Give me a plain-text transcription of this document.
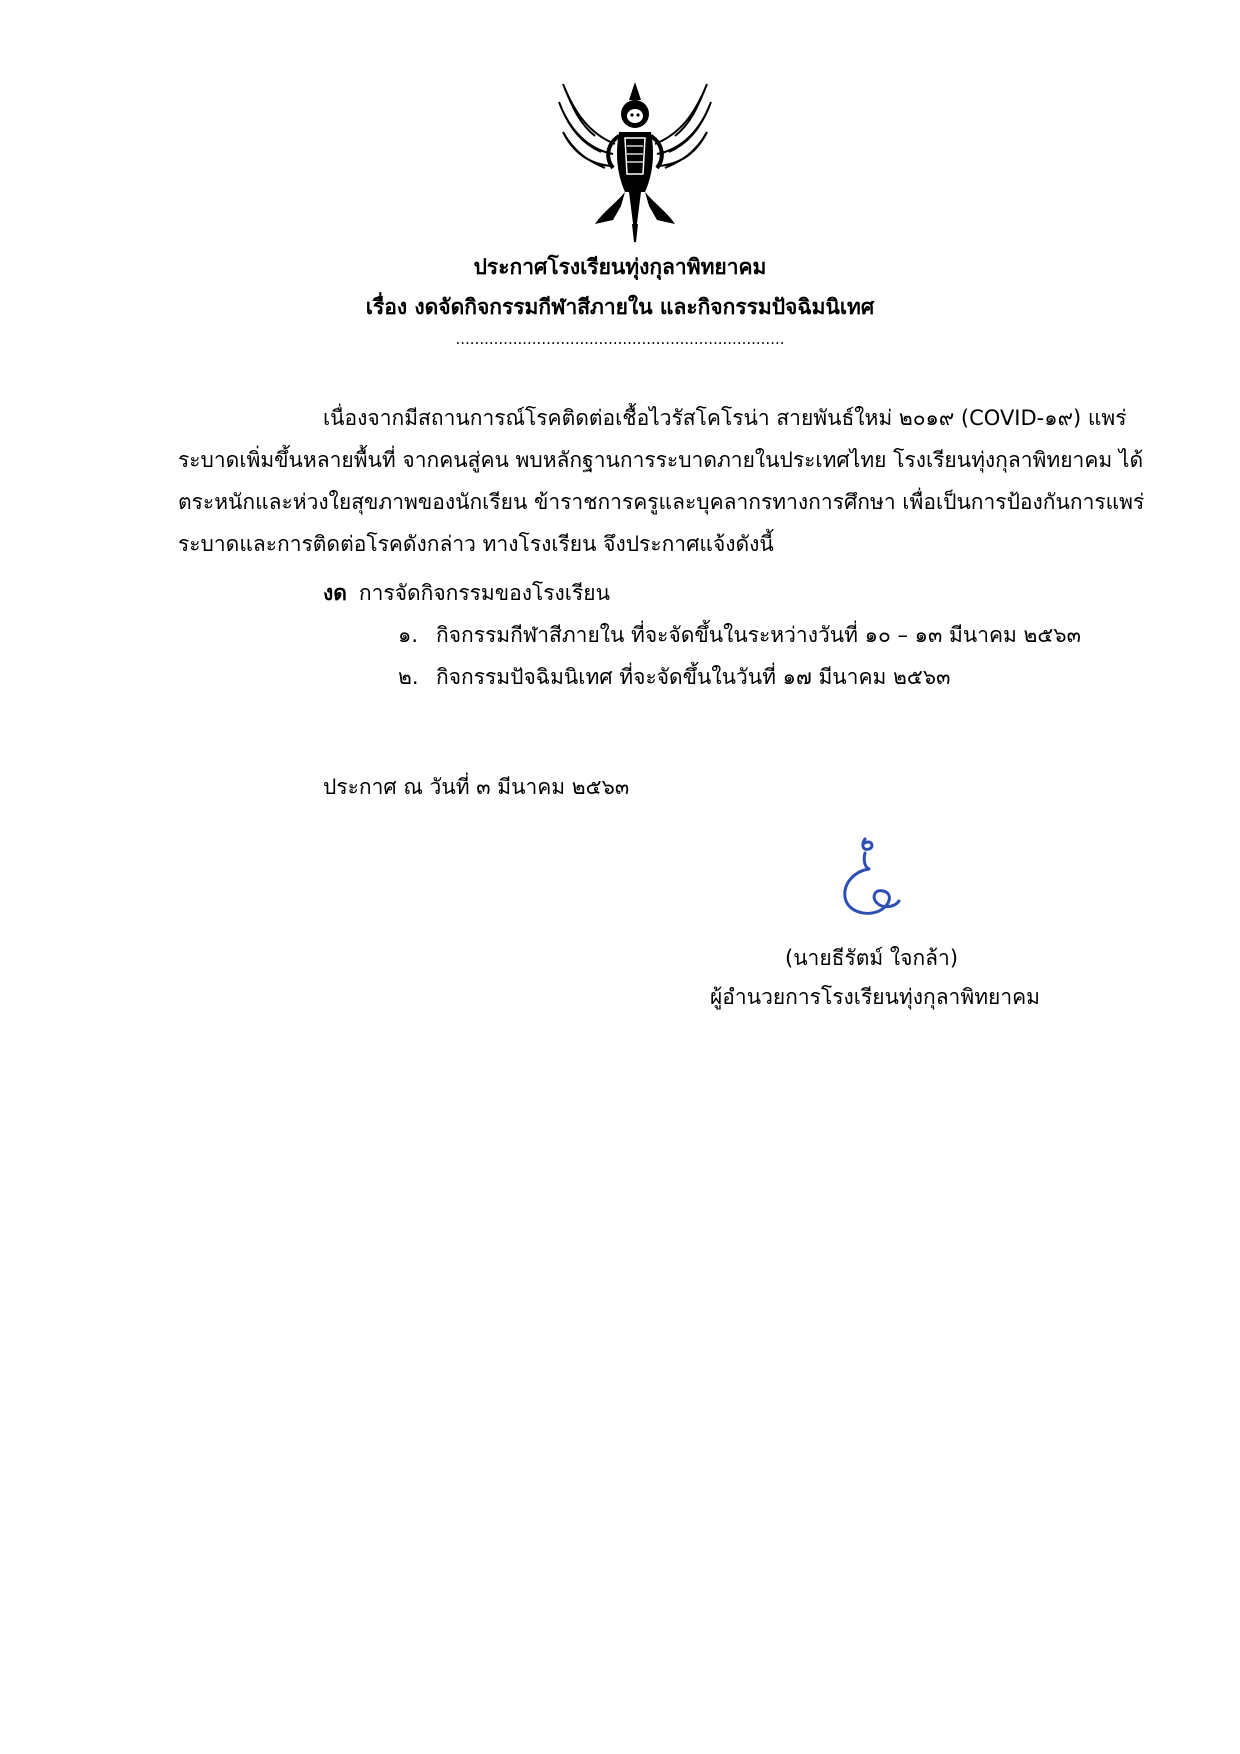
ประกาศโรงเรียนทุ่งกุลาพิทยาคม
เรื่อง งดจัดกิจกรรมกีฬาสีภายใน และกิจกรรมปัจฉิมนิเทศ
.....................................................................
เนื่องจากมีสถานการณ์โรคติดต่อเชื้อไวรัสโคโรน่า สายพันธ์ใหม่ ๒๐๑๙ (COVID-๑๙) แพร่
ระบาดเพิ่มขึ้นหลายพื้นที่ จากคนสู่คน พบหลักฐานการระบาดภายในประเทศไทย โรงเรียนทุ่งกุลาพิทยาคม ได้
ตระหนักและห่วงใยสุขภาพของนักเรียน ข้าราชการครูและบุคลากรทางการศึกษา เพื่อเป็นการป้องกันการแพร่
ระบาดและการติดต่อโรคดังกล่าว ทางโรงเรียน จึงประกาศแจ้งดังนี้
งด การจัดกิจกรรมของโรงเรียน
๑. กิจกรรมกีฬาสีภายใน ที่จะจัดขึ้นในระหว่างวันที่ ๑๐ – ๑๓ มีนาคม ๒๕๖๓
๒. กิจกรรมปัจฉิมนิเทศ ที่จะจัดขึ้นในวันที่ ๑๗ มีนาคม ๒๕๖๓
ประกาศ ณ วันที่ ๓ มีนาคม ๒๕๖๓
(นายธีรัตม์ ใจกล้า)
ผู้อำนวยการโรงเรียนทุ่งกุลาพิทยาคม
